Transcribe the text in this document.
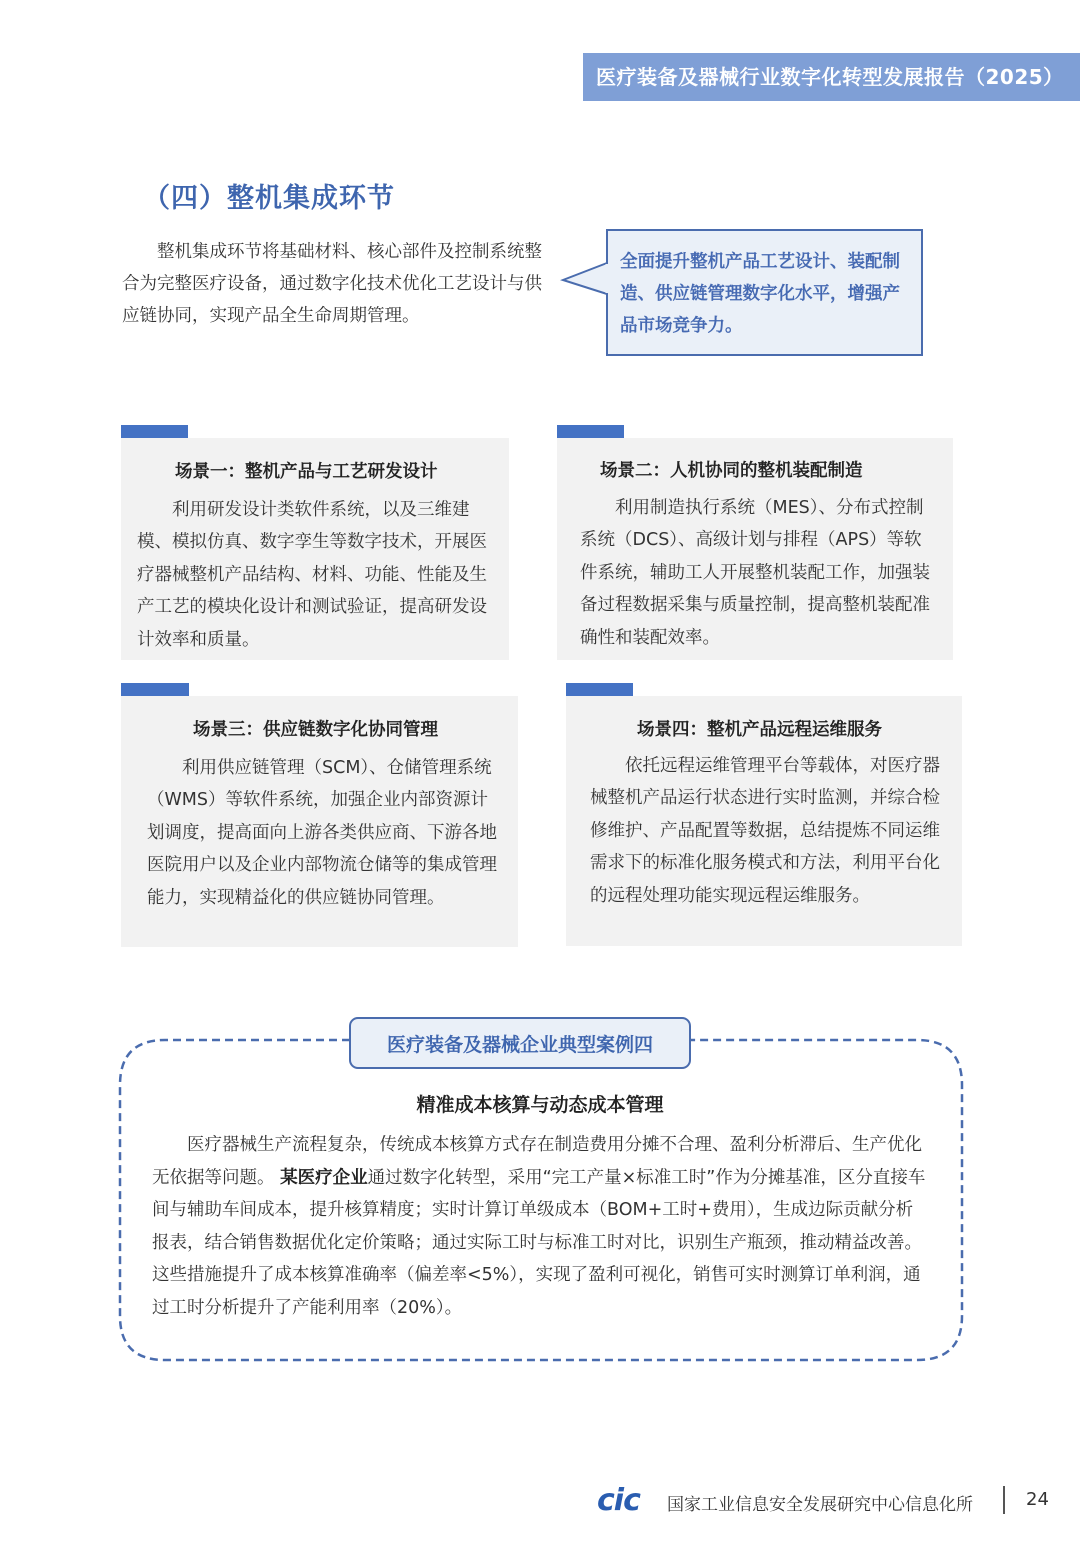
医疗装备及器械行业数字化转型发展报告（2025）
（四）整机集成环节

整机集成环节将基础材料、核心部件及控制系统整合为完整医疗设备，通过数字化技术优化工艺设计与供应链协同，实现产品全生命周期管理。

全面提升整机产品工艺设计、装配制造、供应链管理数字化水平，增强产品市场竞争力。
场景一：整机产品与工艺研发设计

利用研发设计类软件系统，以及三维建模、模拟仿真、数字孪生等数字技术，开展医疗器械整机产品结构、材料、功能、性能及生产工艺的模块化设计和测试验证，提高研发设计效率和质量。

场景二：人机协同的整机装配制造

利用制造执行系统（MES）、分布式控制系统（DCS）、高级计划与排程（APS）等软件系统，辅助工人开展整机装配工作，加强装备过程数据采集与质量控制，提高整机装配准确性和装配效率。

场景三：供应链数字化协同管理

利用供应链管理（SCM）、仓储管理系统（WMS）等软件系统，加强企业内部资源计划调度，提高面向上游各类供应商、下游各地医院用户以及企业内部物流仓储等的集成管理能力，实现精益化的供应链协同管理。

场景四：整机产品远程运维服务

依托远程运维管理平台等载体，对医疗器械整机产品运行状态进行实时监测，并综合检修维护、产品配置等数据，总结提炼不同运维需求下的标准化服务模式和方法，利用平台化的远程处理功能实现远程运维服务。

医疗装备及器械企业典型案例四
精准成本核算与动态成本管理

医疗器械生产流程复杂，传统成本核算方式存在制造费用分摊不合理、盈利分析滞后、生产优化无依据等问题。 某医疗企业通过数字化转型，采用“完工产量×标准工时”作为分摊基准，区分直接车间与辅助车间成本，提升核算精度；实时计算订单级成本（BOM+工时+费用），生成边际贡献分析报表，结合销售数据优化定价策略；通过实际工时与标准工时对比，识别生产瓶颈，推动精益改善。这些措施提升了成本核算准确率（偏差率<5%），实现了盈利可视化，销售可实时测算订单利润，通过工时分析提升了产能利用率（20%）。

cic 国家工业信息安全发展研究中心信息化所	24
